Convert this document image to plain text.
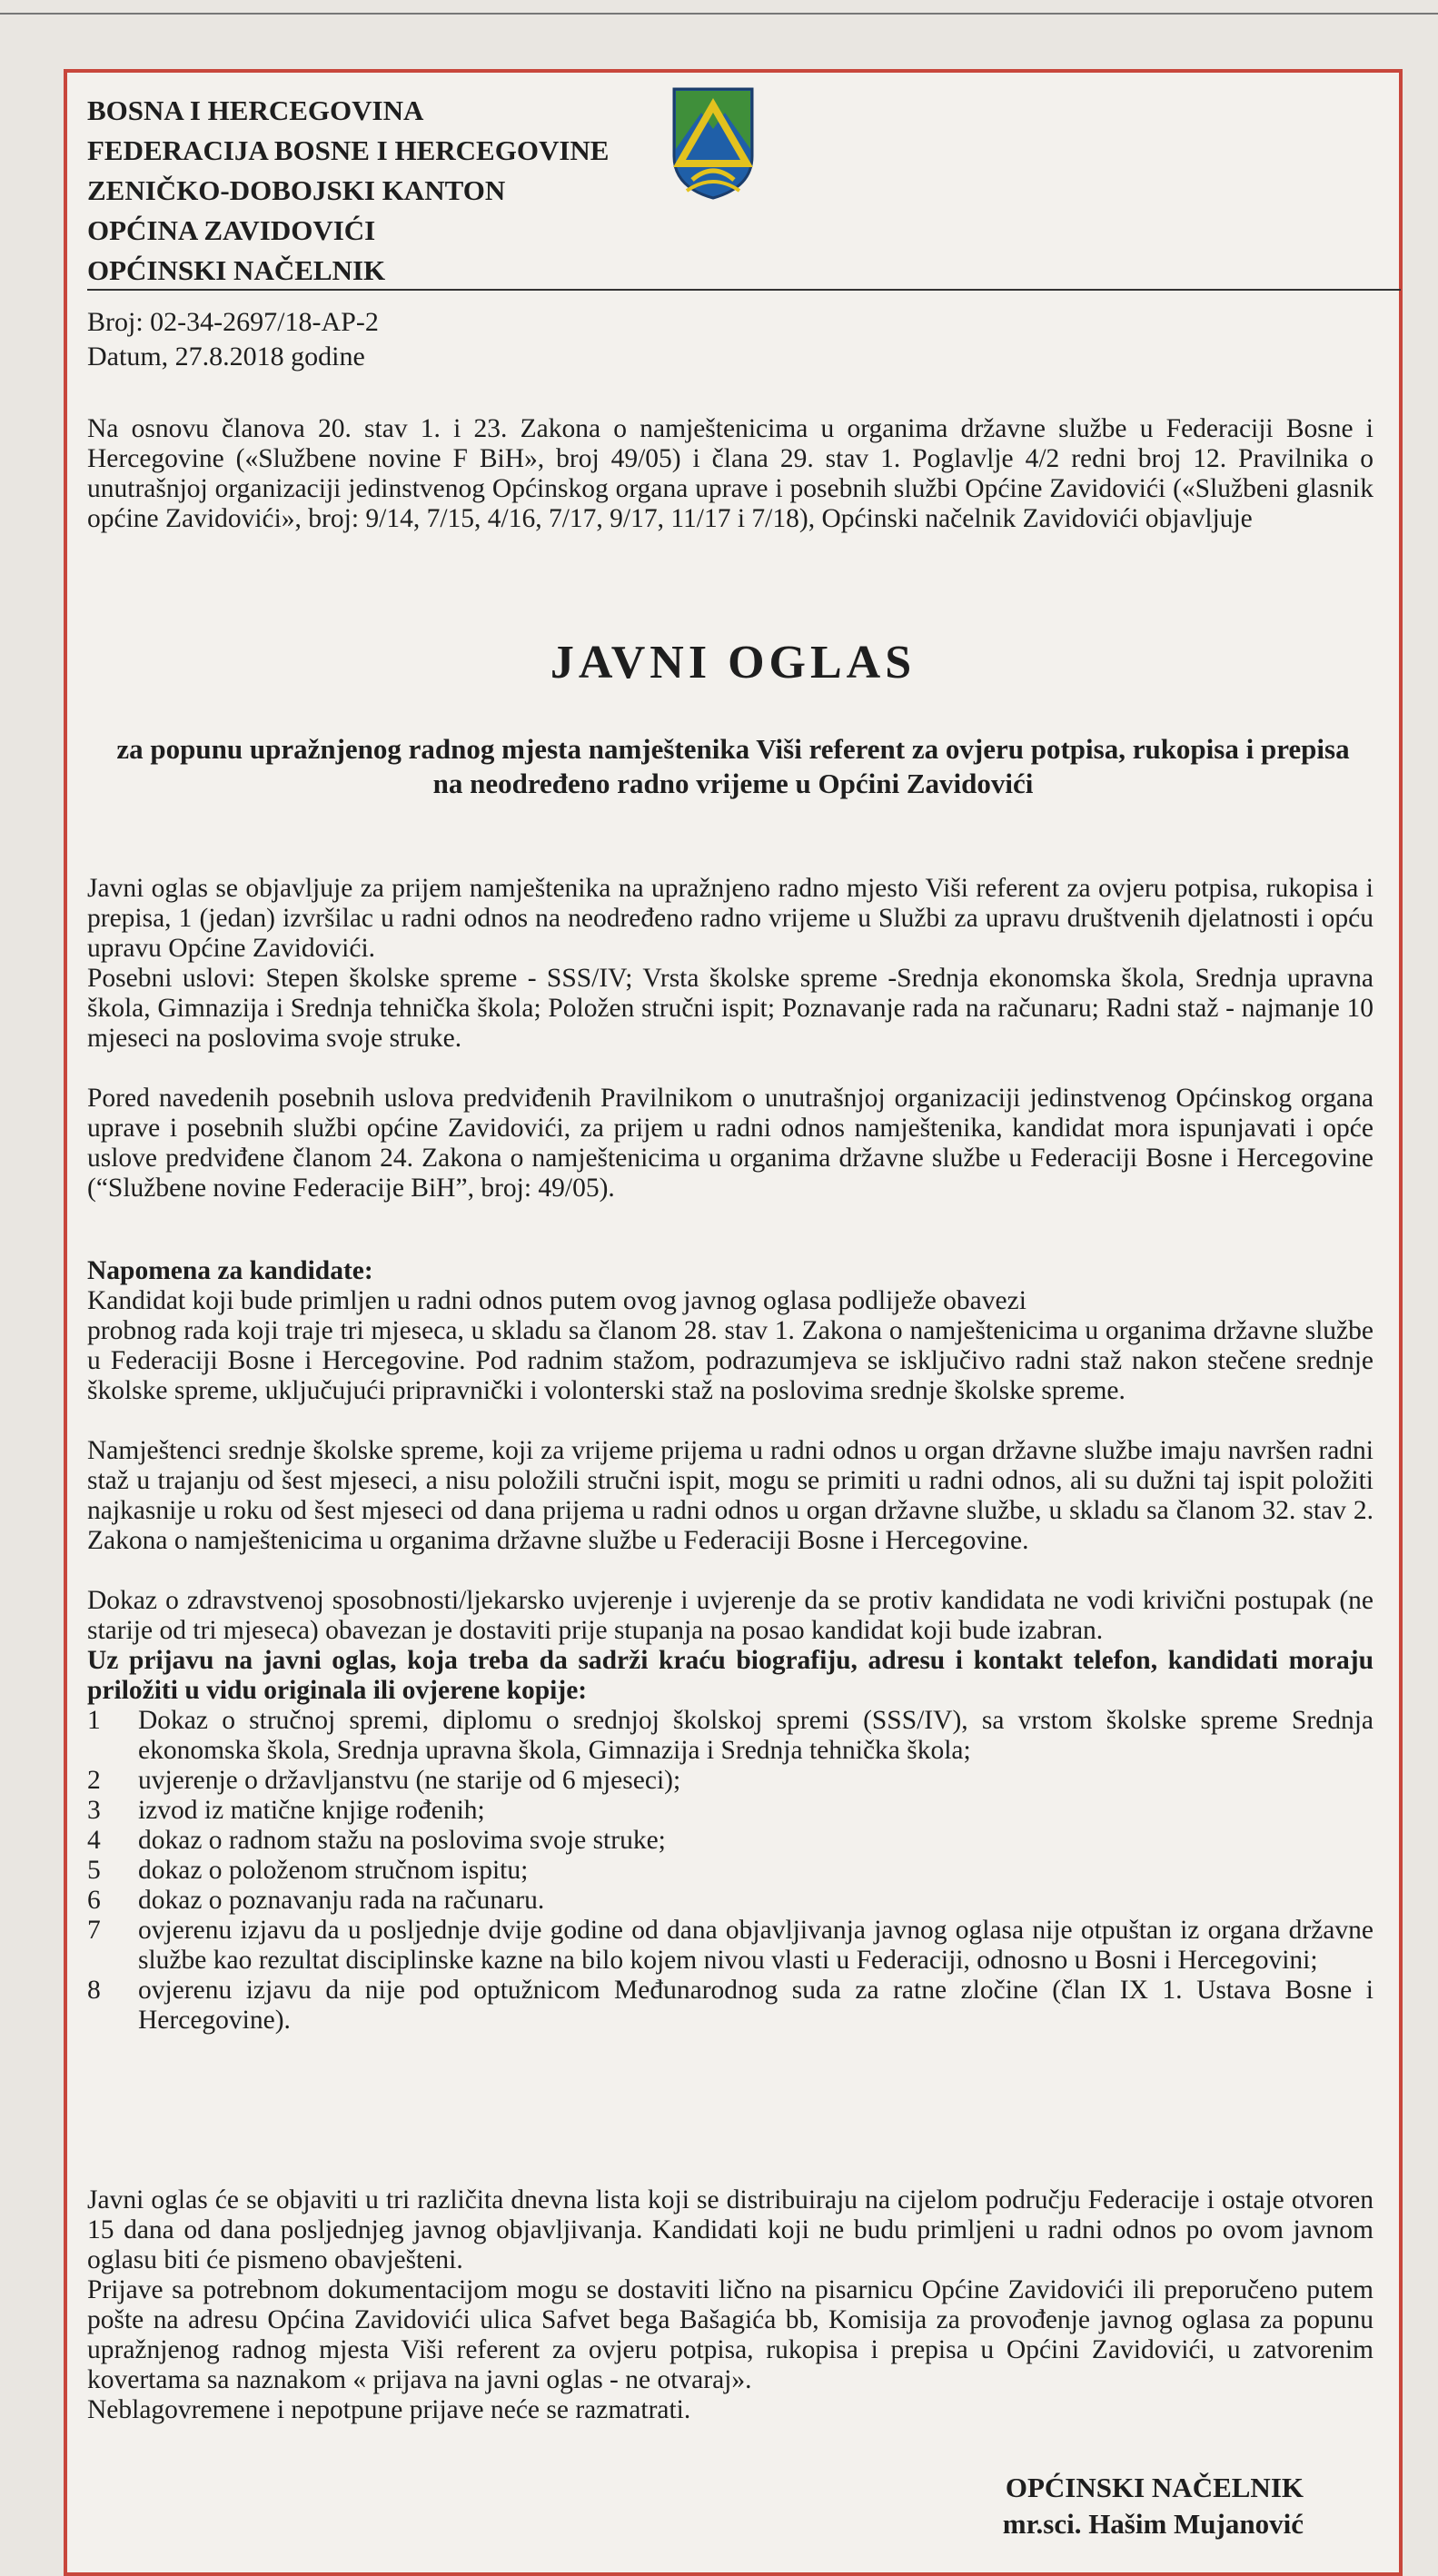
BOSNA I HERCEGOVINA
FEDERACIJA BOSNE I HERCEGOVINE
ZENIČKO-DOBOJSKI KANTON
OPĆINA ZAVIDOVIĆI
OPĆINSKI NAČELNIK
Broj: 02-34-2697/18-AP-2
Datum, 27.8.2018 godine
Na osnovu članova 20. stav 1. i 23. Zakona o namještenicima u organima državne službe u Federaciji Bosne i Hercegovine («Službene novine F BiH», broj 49/05) i člana 29. stav 1. Poglavlje 4/2 redni broj 12. Pravilnika o unutrašnjoj organizaciji jedinstvenog Općinskog organa uprave i posebnih službi Općine Zavidovići («Službeni glasnik općine Zavidovići», broj: 9/14, 7/15, 4/16, 7/17, 9/17, 11/17 i 7/18), Općinski načelnik Zavidovići objavljuje
JAVNI OGLAS
za popunu upražnjenog radnog mjesta namještenika Viši referent za ovjeru potpisa, rukopisa i prepisa na neodređeno radno vrijeme u Općini Zavidovići
Javni oglas se objavljuje za prijem namještenika na upražnjeno radno mjesto Viši referent za ovjeru potpisa, rukopisa i prepisa, 1 (jedan) izvršilac u radni odnos na neodređeno radno vrijeme u Službi za upravu društvenih djelatnosti i opću upravu Općine Zavidovići.
Posebni uslovi: Stepen školske spreme - SSS/IV; Vrsta školske spreme -Srednja ekonomska škola, Srednja upravna škola, Gimnazija i Srednja tehnička škola; Položen stručni ispit; Poznavanje rada na računaru; Radni staž - najmanje 10 mjeseci na poslovima svoje struke.
Pored navedenih posebnih uslova predviđenih Pravilnikom o unutrašnjoj organizaciji jedinstvenog Općinskog organa uprave i posebnih službi općine Zavidovići, za prijem u radni odnos namještenika, kandidat mora ispunjavati i opće uslove predviđene članom 24. Zakona o namještenicima u organima državne službe u Federaciji Bosne i Hercegovine (“Službene novine Federacije BiH”, broj: 49/05).
Napomena za kandidate:
Kandidat koji bude primljen u radni odnos putem ovog javnog oglasa podliježe obavezi
probnog rada koji traje tri mjeseca, u skladu sa članom 28. stav 1. Zakona o namještenicima u organima državne službe u Federaciji Bosne i Hercegovine. Pod radnim stažom, podrazumjeva se isključivo radni staž nakon stečene srednje školske spreme, uključujući pripravnički i volonterski staž na poslovima srednje školske spreme.
Namještenci srednje školske spreme, koji za vrijeme prijema u radni odnos u organ državne službe imaju navršen radni staž u trajanju od šest mjeseci, a nisu položili stručni ispit, mogu se primiti u radni odnos, ali su dužni taj ispit položiti najkasnije u roku od šest mjeseci od dana prijema u radni odnos u organ državne službe, u skladu sa članom 32. stav 2. Zakona o namještenicima u organima državne službe u Federaciji Bosne i Hercegovine.
Dokaz o zdravstvenoj sposobnosti/ljekarsko uvjerenje i uvjerenje da se protiv kandidata ne vodi krivični postupak (ne starije od tri mjeseca) obavezan je dostaviti prije stupanja na posao kandidat koji bude izabran.
Uz prijavu na javni oglas, koja treba da sadrži kraću biografiju, adresu i kontakt telefon, kandidati moraju priložiti u vidu originala ili ovjerene kopije:
1	Dokaz o stručnoj spremi, diplomu o srednjoj školskoj spremi (SSS/IV), sa vrstom školske spreme Srednja ekonomska škola, Srednja upravna škola, Gimnazija i Srednja tehnička škola;
2	uvjerenje o državljanstvu (ne starije od 6 mjeseci);
3	izvod iz matične knjige rođenih;
4	dokaz o radnom stažu na poslovima svoje struke;
5	dokaz o položenom stručnom ispitu;
6	dokaz o poznavanju rada na računaru.
7	ovjerenu izjavu da u posljednje dvije godine od dana objavljivanja javnog oglasa nije otpuštan iz organa državne službe kao rezultat disciplinske kazne na bilo kojem nivou vlasti u Federaciji, odnosno u Bosni i Hercegovini;
8	ovjerenu izjavu da nije pod optužnicom Međunarodnog suda za ratne zločine (član IX 1. Ustava Bosne i Hercegovine).
Javni oglas će se objaviti u tri različita dnevna lista koji se distribuiraju na cijelom području Federacije i ostaje otvoren 15 dana od dana posljednjeg javnog objavljivanja. Kandidati koji ne budu primljeni u radni odnos po ovom javnom oglasu biti će pismeno obavješteni.
Prijave sa potrebnom dokumentacijom mogu se dostaviti lično na pisarnicu Općine Zavidovići ili preporučeno putem pošte na adresu Općina Zavidovići ulica Safvet bega Bašagića bb, Komisija za provođenje javnog oglasa za popunu upražnjenog radnog mjesta Viši referent za ovjeru potpisa, rukopisa i prepisa u Općini Zavidovići, u zatvorenim kovertama sa naznakom « prijava na javni oglas - ne otvaraj».
Neblagovremene i nepotpune prijave neće se razmatrati.
OPĆINSKI NAČELNIK
mr.sci. Hašim Mujanović
